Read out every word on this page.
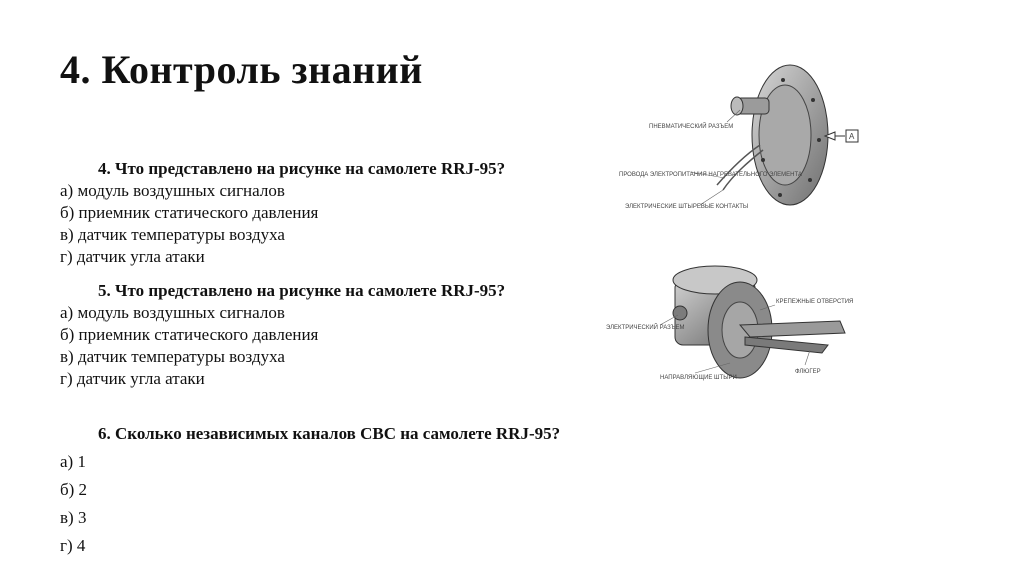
4. Контроль знаний
4. Что представлено на рисунке на самолете RRJ-95?
а) модуль воздушных сигналов
б) приемник статического давления
в) датчик температуры воздуха
г) датчик угла атаки
5. Что представлено на рисунке на самолете RRJ-95?
а) модуль воздушных сигналов
б) приемник статического давления
в) датчик температуры воздуха
г) датчик угла атаки
6. Сколько независимых каналов СВС на самолете RRJ-95?
а) 1
б) 2
в) 3
г) 4
ПНЕВМАТИЧЕСКИЙ РАЗЪЕМ
ПРОВОДА ЭЛЕКТРОПИТАНИЯ НАГРЕВАТЕЛЬНОГО ЭЛЕМЕНТА
ЭЛЕКТРИЧЕСКИЕ ШТЫРЕВЫЕ КОНТАКТЫ
A
КРЕПЕЖНЫЕ ОТВЕРСТИЯ
ЭЛЕКТРИЧЕСКИЙ РАЗЪЕМ
НАПРАВЛЯЮЩИЕ ШТЫРИ
ФЛЮГЕР
